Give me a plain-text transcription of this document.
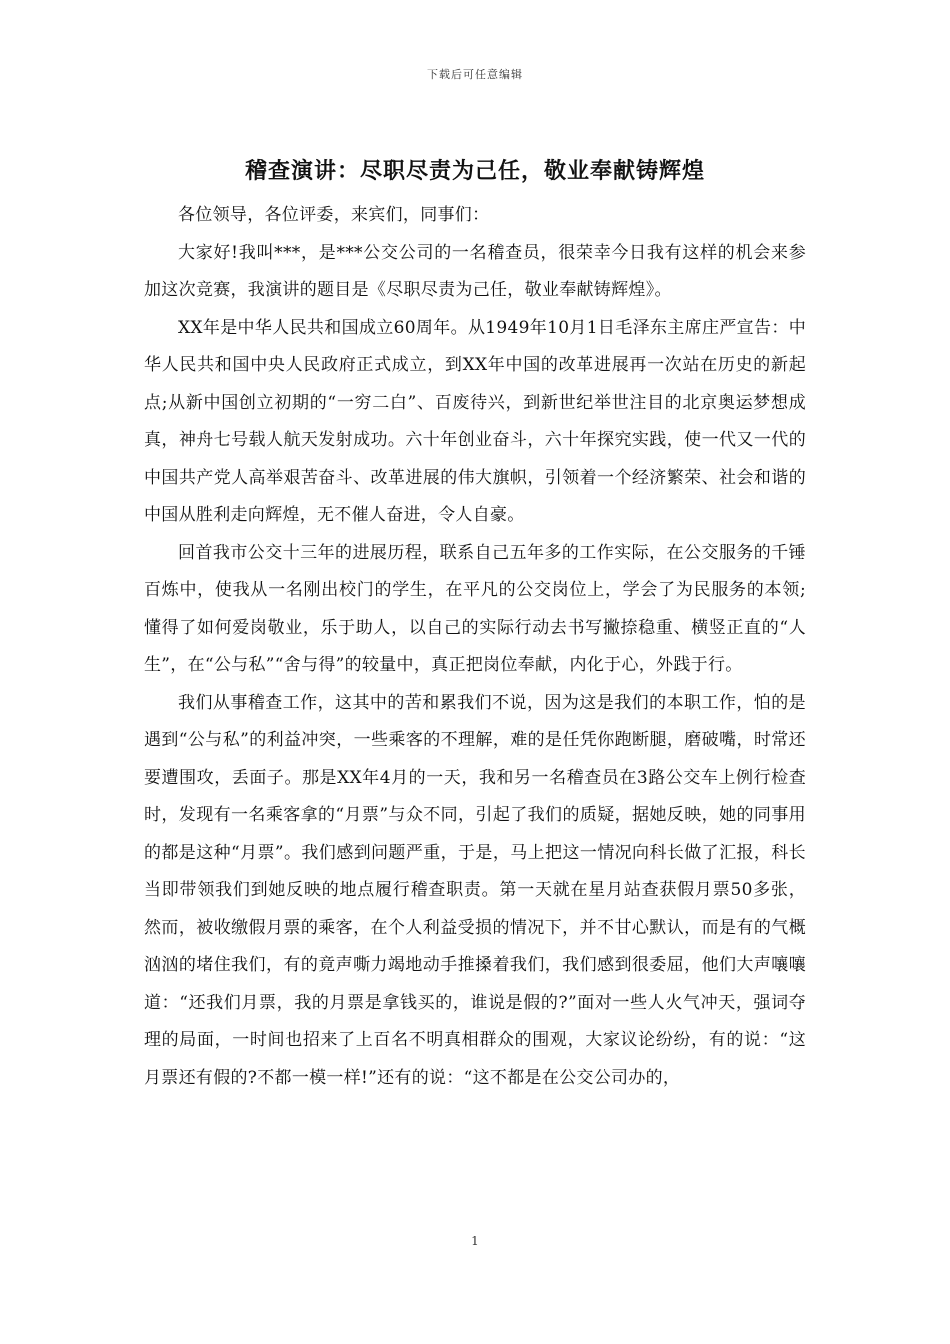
下载后可任意编辑
稽查演讲：尽职尽责为己任，敬业奉献铸辉煌

各位领导，各位评委，来宾们，同事们：

大家好!我叫***，是***公交公司的一名稽查员，很荣幸今日我有这样的机会来参加这次竞赛，我演讲的题目是《尽职尽责为己任，敬业奉献铸辉煌》。

XX年是中华人民共和国成立60周年。从1949年10月1日毛泽东主席庄严宣告：中华人民共和国中央人民政府正式成立，到XX年中国的改革进展再一次站在历史的新起点;从新中国创立初期的“一穷二白”、百废待兴，到新世纪举世注目的北京奥运梦想成真，神舟七号载人航天发射成功。六十年创业奋斗，六十年探究实践，使一代又一代的中国共产党人高举艰苦奋斗、改革进展的伟大旗帜，引领着一个经济繁荣、社会和谐的中国从胜利走向辉煌，无不催人奋进，令人自豪。

回首我市公交十三年的进展历程，联系自己五年多的工作实际，在公交服务的千锤百炼中，使我从一名刚出校门的学生，在平凡的公交岗位上，学会了为民服务的本领;懂得了如何爱岗敬业，乐于助人，以自己的实际行动去书写撇捺稳重、横竖正直的“人生”，在“公与私”“舍与得”的较量中，真正把岗位奉献，内化于心，外践于行。

我们从事稽查工作，这其中的苦和累我们不说，因为这是我们的本职工作，怕的是遇到“公与私”的利益冲突，一些乘客的不理解，难的是任凭你跑断腿，磨破嘴，时常还要遭围攻，丢面子。那是XX年4月的一天，我和另一名稽查员在3路公交车上例行检查时，发现有一名乘客拿的“月票”与众不同，引起了我们的质疑，据她反映，她的同事用的都是这种“月票”。我们感到问题严重，于是，马上把这一情况向科长做了汇报，科长当即带领我们到她反映的地点履行稽查职责。第一天就在星月站查获假月票50多张，然而，被收缴假月票的乘客，在个人利益受损的情况下，并不甘心默认，而是有的气概汹汹的堵住我们，有的竟声嘶力竭地动手推搡着我们，我们感到很委屈，他们大声嚷嚷道：“还我们月票，我的月票是拿钱买的，谁说是假的?”面对一些人火气冲天，强词夺理的局面，一时间也招来了上百名不明真相群众的围观，大家议论纷纷，有的说：“这月票还有假的?不都一模一样!”还有的说：“这不都是在公交公司办的，

1
